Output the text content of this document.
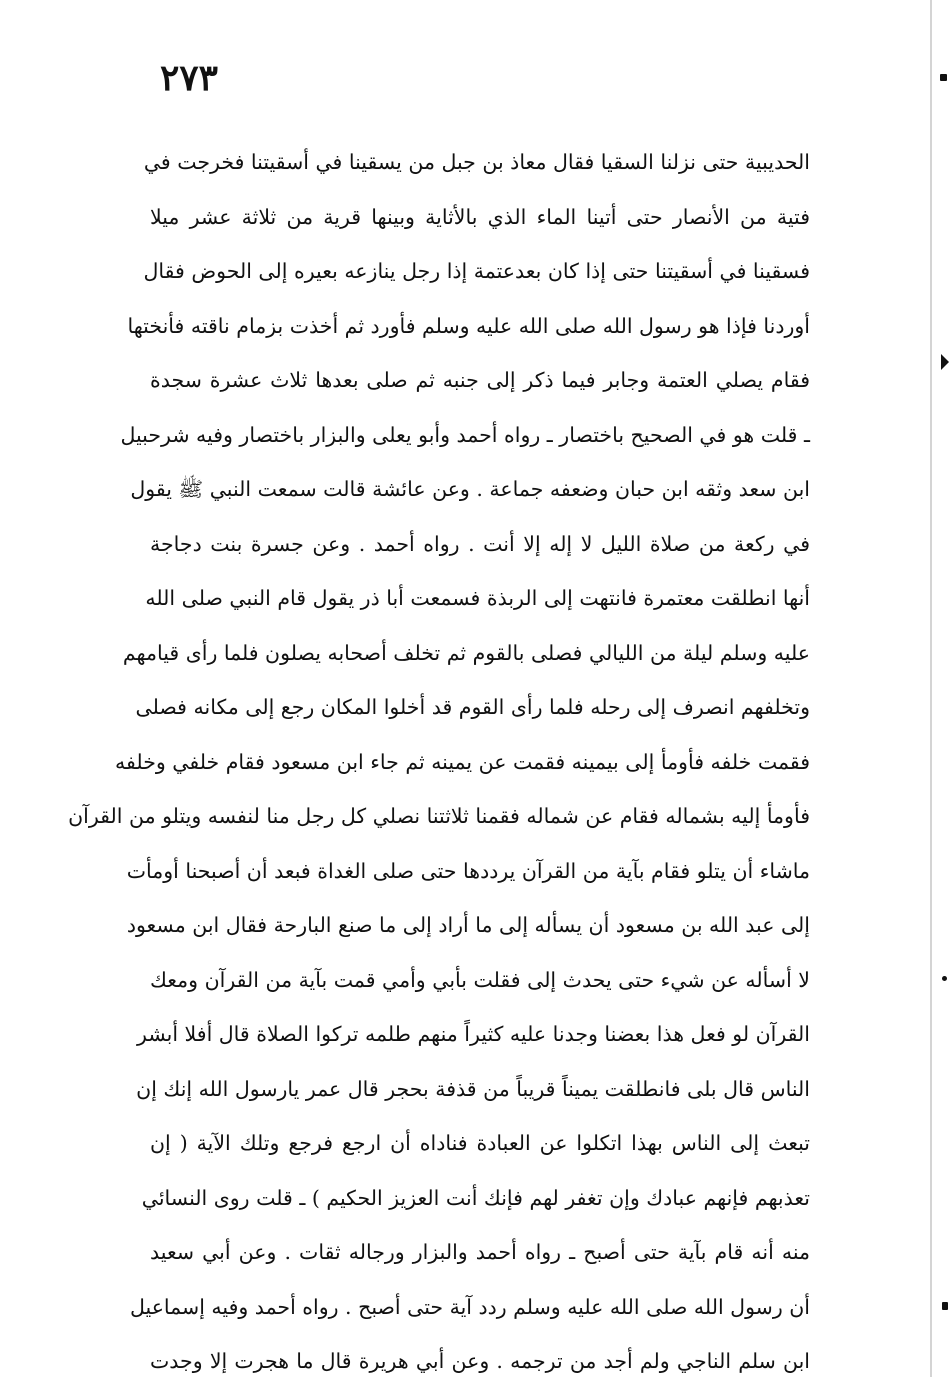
٢٧٣
الحديبية حتى نزلنا السقيا فقال معاذ بن جبل من يسقينا في أسقيتنا فخرجت في
فتية من الأنصار حتى أتينا الماء الذي بالأثاية وبينها قرية من ثلاثة عشر ميلا
فسقينا في أسقيتنا حتى إذا كان بعدعتمة إذا رجل ينازعه بعيره إلى الحوض فقال
أوردنا فإذا هو رسول الله صلى الله عليه وسلم فأورد ثم أخذت بزمام ناقته فأنختها
فقام يصلي العتمة وجابر فيما ذكر إلى جنبه ثم صلى بعدها ثلاث عشرة سجدة
ـ قلت هو في الصحيح باختصار ـ رواه أحمد وأبو يعلى والبزار باختصار وفيه شرحبيل
ابن سعد وثقه ابن حبان وضعفه جماعة . وعن عائشة قالت سمعت النبي ﷺ يقول
في ركعة من صلاة الليل لا إله إلا أنت . رواه أحمد . وعن جسرة بنت دجاجة
أنها انطلقت معتمرة فانتهت إلى الربذة فسمعت أبا ذر يقول قام النبي صلى الله
عليه وسلم ليلة من الليالي فصلى بالقوم ثم تخلف أصحابه يصلون فلما رأى قيامهم
وتخلفهم انصرف إلى رحله فلما رأى القوم قد أخلوا المكان رجع إلى مكانه فصلى
فقمت خلفه فأومأ إلى بيمينه فقمت عن يمينه ثم جاء ابن مسعود فقام خلفي وخلفه
فأومأ إليه بشماله فقام عن شماله فقمنا ثلاثتنا نصلي كل رجل منا لنفسه ويتلو من القرآن
ماشاء أن يتلو فقام بآية من القرآن يرددها حتى صلى الغداة فبعد أن أصبحنا أومأت
إلى عبد الله بن مسعود أن يسأله إلى ما أراد إلى ما صنع البارحة فقال ابن مسعود
لا أسأله عن شيء حتى يحدث إلى فقلت بأبي وأمي قمت بآية من القرآن ومعك
القرآن لو فعل هذا بعضنا وجدنا عليه كثيراً منهم طلمه تركوا الصلاة قال أفلا أبشر
الناس قال بلى فانطلقت يميناً قريباً من قذفة بحجر قال عمر يارسول الله إنك إن
تبعث إلى الناس بهذا اتكلوا عن العبادة فناداه أن ارجع فرجع وتلك الآية ( إن
تعذبهم فإنهم عبادك وإن تغفر لهم فإنك أنت العزيز الحكيم ) ـ قلت روى النسائي
منه أنه قام بآية حتى أصبح ـ رواه أحمد والبزار ورجاله ثقات . وعن أبي سعيد
أن رسول الله صلى الله عليه وسلم ردد آية حتى أصبح . رواه أحمد وفيه إسماعيل
ابن سلم الناجي ولم أجد من ترجمه . وعن أبي هريرة قال ما هجرت إلا وجدت
